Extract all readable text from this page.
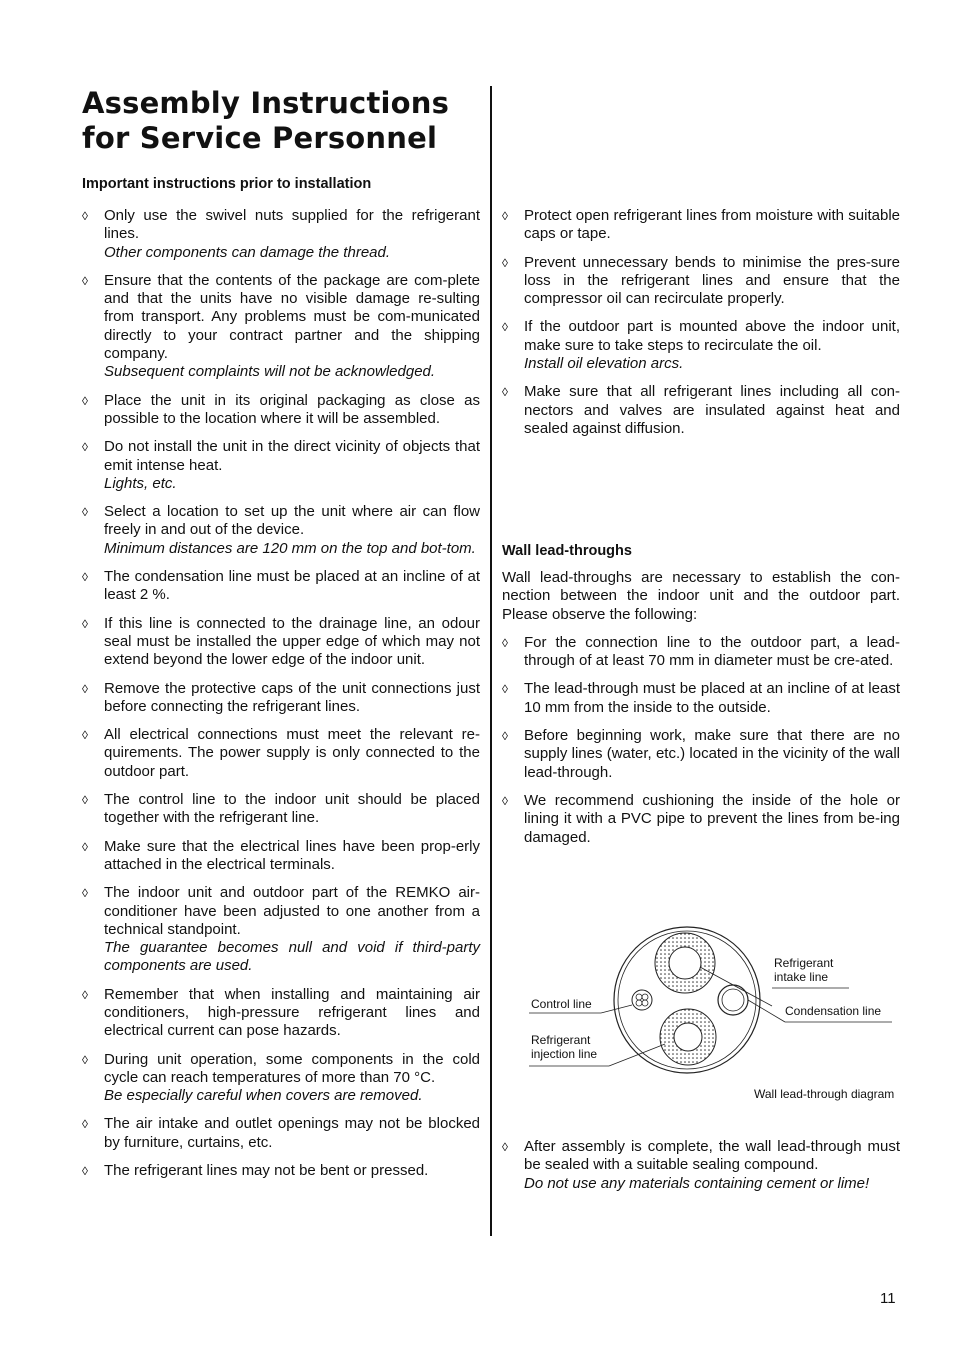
Assembly Instructions for Service Personnel
Important instructions prior to installation
◊ Only use the swivel nuts supplied for the refrigerant lines.
Other components can damage the thread.
◊ Ensure that the contents of the package are com-plete and that the units have no visible damage re-sulting from transport. Any problems must be com-municated directly to your contract partner and the shipping company.
Subsequent complaints will not be acknowledged.
◊ Place the unit in its original packaging as close as possible to the location where it will be assembled.
◊ Do not install the unit in the direct vicinity of objects that emit intense heat.
Lights, etc.
◊ Select a location to set up the unit where air can flow freely in and out of the device.
Minimum distances are 120 mm on the top and bot-tom.
◊ The condensation line must be placed at an incline of at least 2 %.
◊ If this line is connected to the drainage line, an odour seal must be installed the upper edge of which may not extend beyond the lower edge of the indoor unit.
◊ Remove the protective caps of the unit connections just before connecting the refrigerant lines.
◊ All electrical connections must meet the relevant re-quirements. The power supply is only connected to the outdoor part.
◊ The control line to the indoor unit should be placed together with the refrigerant line.
◊ Make sure that the electrical lines have been prop-erly attached in the electrical terminals.
◊ The indoor unit and outdoor part of the REMKO air-conditioner have been adjusted to one another from a technical standpoint.
The guarantee becomes null and void if third-party components are used.
◊ Remember that when installing and maintaining air conditioners, high-pressure refrigerant lines and electrical current can pose hazards.
◊ During unit operation, some components in the cold cycle can reach temperatures of more than 70 °C.
Be especially careful when covers are removed.
◊ The air intake and outlet openings may not be blocked by furniture, curtains, etc.
◊ The refrigerant lines may not be bent or pressed.
◊ Protect open refrigerant lines from moisture with suitable caps or tape.
◊ Prevent unnecessary bends to minimise the pres-sure loss in the refrigerant lines and ensure that the compressor oil can recirculate properly.
◊ If the outdoor part is mounted above the indoor unit, make sure to take steps to recirculate the oil.
Install oil elevation arcs.
◊ Make sure that all refrigerant lines including all con-nectors and valves are insulated against heat and sealed against diffusion.
Wall lead-throughs
Wall lead-throughs are necessary to establish the con-nection between the indoor unit and the outdoor part. Please observe the following:
◊ For the connection line to the outdoor part, a lead-through of at least 70 mm in diameter must be cre-ated.
◊ The lead-through must be placed at an incline of at least 10 mm from the inside to the outside.
◊ Before beginning work, make sure that there are no supply lines (water, etc.) located in the vicinity of the wall lead-through.
◊ We recommend cushioning the inside of the hole or lining it with a PVC pipe to prevent the lines from be-ing damaged.
Refrigerant
intake line
Control line	Condensation line
Refrigerant
injection line
Wall lead-through diagram
◊ After assembly is complete, the wall lead-through must be sealed with a suitable sealing compound.
Do not use any materials containing cement or lime!
11
